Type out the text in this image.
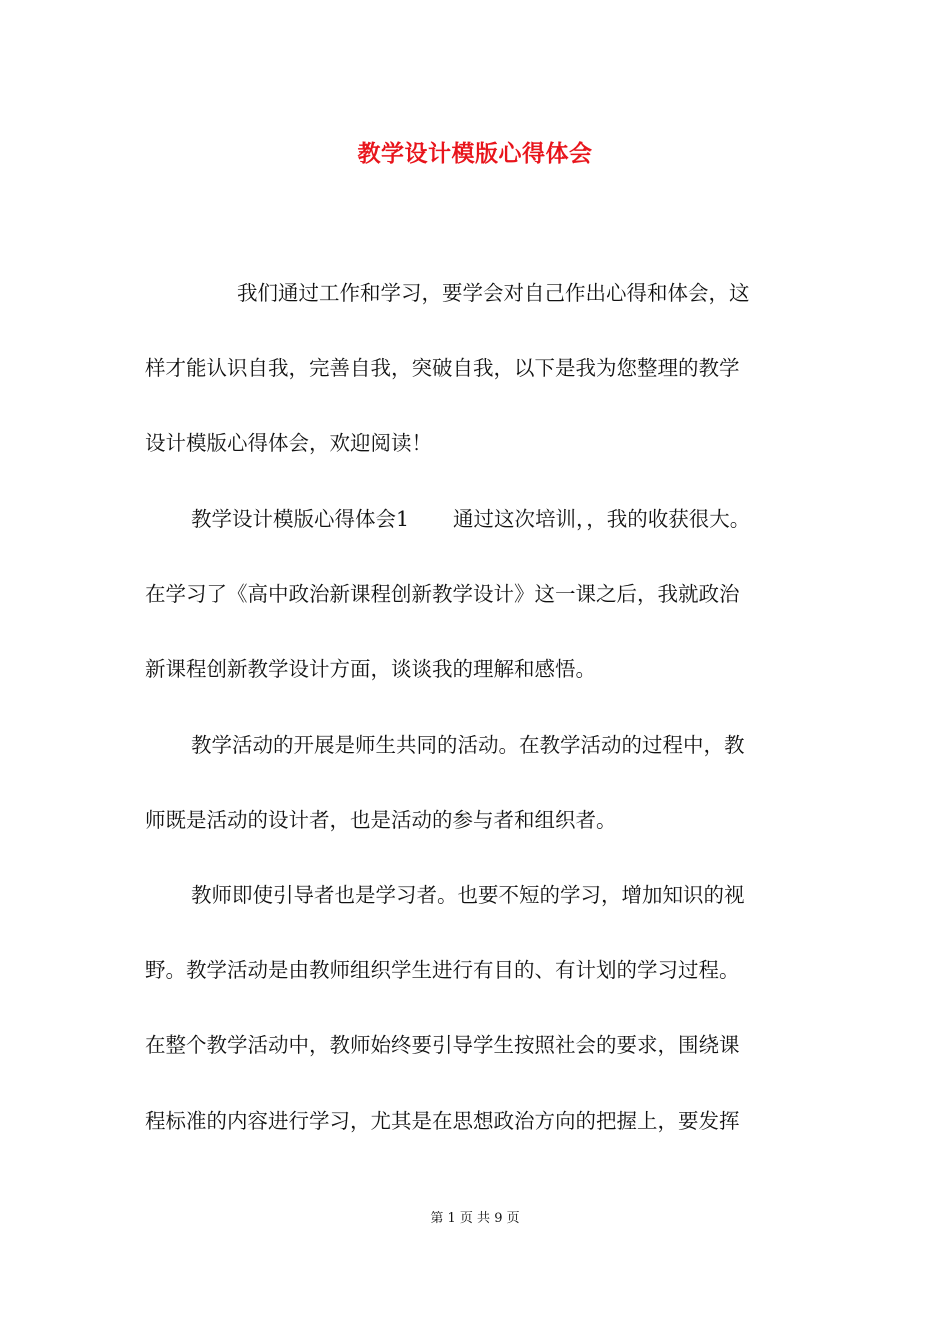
教学设计模版心得体会
我们通过工作和学习，要学会对自己作出心得和体会，这
样才能认识自我，完善自我，突破自我，以下是我为您整理的教学
设计模版心得体会，欢迎阅读！
教学设计模版心得体会1 通过这次培训，，我的收获很大。
在学习了《高中政治新课程创新教学设计》这一课之后，我就政治
新课程创新教学设计方面，谈谈我的理解和感悟。
教学活动的开展是师生共同的活动。在教学活动的过程中，教
师既是活动的设计者，也是活动的参与者和组织者。
教师即使引导者也是学习者。也要不短的学习，增加知识的视
野。教学活动是由教师组织学生进行有目的、有计划的学习过程。
在整个教学活动中，教师始终要引导学生按照社会的要求，围绕课
程标准的内容进行学习，尤其是在思想政治方向的把握上，要发挥
第 1 页 共 9 页
